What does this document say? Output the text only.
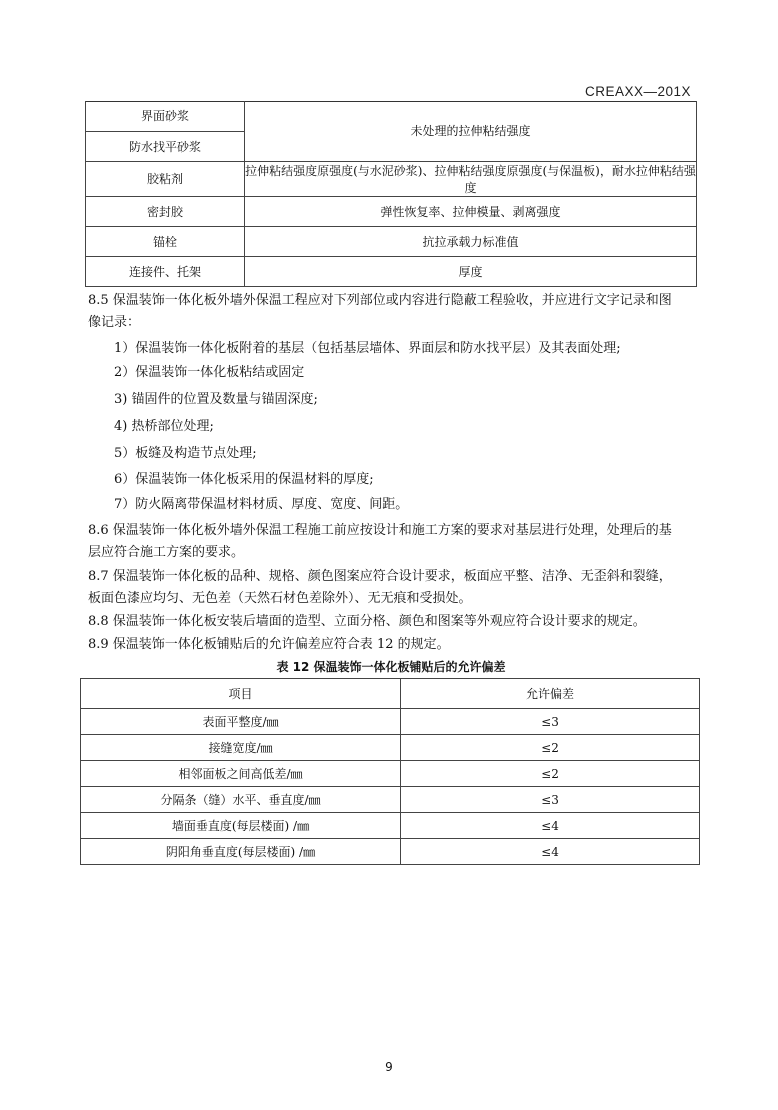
CREAXX—201X
界面砂浆	未处理的拉伸粘结强度
防水找平砂浆	
胶粘剂	拉伸粘结强度原强度(与水泥砂浆)、拉伸粘结强度原强度(与保温板)，耐水拉伸粘结强度
密封胶	弹性恢复率、拉伸模量、剥离强度
锚栓	抗拉承载力标准值
连接件、托架	厚度
8.5 保温装饰一体化板外墙外保温工程应对下列部位或内容进行隐蔽工程验收，并应进行文字记录和图
像记录：
1）保温装饰一体化板附着的基层（包括基层墙体、界面层和防水找平层）及其表面处理;
2）保温装饰一体化板粘结或固定
3) 锚固件的位置及数量与锚固深度;
4) 热桥部位处理;
5）板缝及构造节点处理;
6）保温装饰一体化板采用的保温材料的厚度;
7）防火隔离带保温材料材质、厚度、宽度、间距。
8.6 保温装饰一体化板外墙外保温工程施工前应按设计和施工方案的要求对基层进行处理，处理后的基
层应符合施工方案的要求。
8.7 保温装饰一体化板的品种、规格、颜色图案应符合设计要求，板面应平整、洁净、无歪斜和裂缝，
板面色漆应均匀、无色差（天然石材色差除外）、无无痕和受损处。
8.8 保温装饰一体化板安装后墙面的造型、立面分格、颜色和图案等外观应符合设计要求的规定。
8.9 保温装饰一体化板铺贴后的允许偏差应符合表 12 的规定。
表 12 保温装饰一体化板铺贴后的允许偏差
项目	允许偏差
表面平整度/㎜	≤3
接缝宽度/㎜	≤2
相邻面板之间高低差/㎜	≤2
分隔条（缝）水平、垂直度/㎜	≤3
墙面垂直度(每层楼面) /㎜	≤4
阴阳角垂直度(每层楼面) /㎜	≤4
9
